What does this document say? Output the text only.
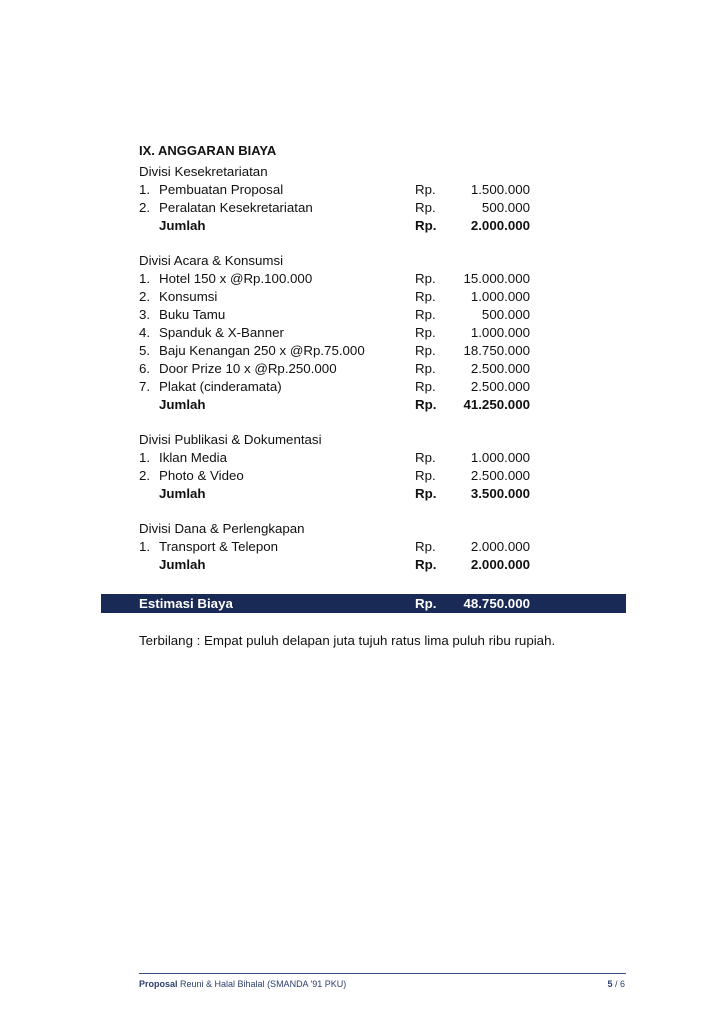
IX. ANGGARAN BIAYA
Divisi Kesekretariatan
1. Pembuatan Proposal	Rp.	1.500.000
2. Peralatan Kesekretariatan	Rp.	500.000
Jumlah	Rp.	2.000.000
Divisi Acara & Konsumsi
1. Hotel 150 x @Rp.100.000	Rp.	15.000.000
2. Konsumsi	Rp.	1.000.000
3. Buku Tamu	Rp.	500.000
4. Spanduk & X-Banner	Rp.	1.000.000
5. Baju Kenangan 250 x @Rp.75.000	Rp.	18.750.000
6. Door Prize 10 x @Rp.250.000	Rp.	2.500.000
7. Plakat (cinderamata)	Rp.	2.500.000
Jumlah	Rp.	41.250.000
Divisi Publikasi & Dokumentasi
1. Iklan Media	Rp.	1.000.000
2. Photo & Video	Rp.	2.500.000
Jumlah	Rp.	3.500.000
Divisi Dana & Perlengkapan
1. Transport & Telepon	Rp.	2.000.000
Jumlah	Rp.	2.000.000
Estimasi Biaya	Rp.	48.750.000
Terbilang : Empat puluh delapan juta tujuh ratus lima puluh ribu rupiah.
Proposal Reuni & Halal Bihalal (SMANDA '91 PKU)	5 / 6
